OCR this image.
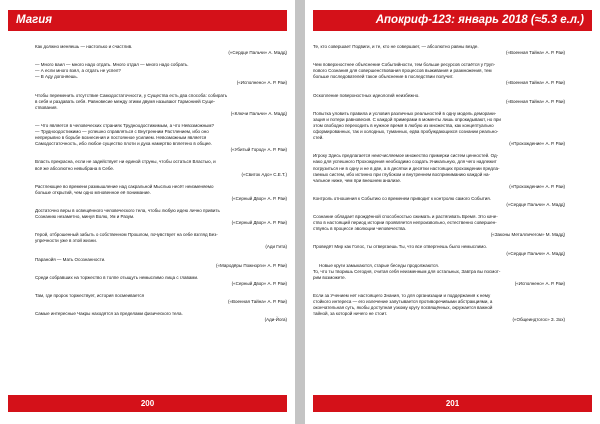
Магия

Как должно меняешь — настолько и счастлив.

(«Сердце Пальчи» А. Мадд)

— Много ваил — много надо отдать. Много отдал — много надо собрать.

— А если много взял, а отдать не успел?

— В Аду догоняешь.

(«Исполнено» А. Р. Раи)

Чтобы переменить отсутствие Самодостаточности, у Существа есть два способа: собирать

в себя и раздавать себя. Равновесие между этими двумя называют Гармонией Суще-

ствования.

(«Ключи Пальчи» А. Мадд)

— Что является в человеческих страниях Трудноодостижимым, а что Невозможным?

— Трудноодостижимо — успешно справляться с Внутренним Растлением, ибо оно

непрерывно в борьбе вознесения и постоянное усилием. Невозможным является

Самодостаточность, ибо любое существо плоти и духа намертво вплетено в общее.

(«Убитый Город» А. Р. Раи)

Власть прекрасна, если не задействует ни единой струны, чтобы остаться Властью, и

всё же абсолютно невыбрана в Себе.

(«Свиток Адо» С.Е.Т.)

Растлеющее во времени размышление над сакральной Мыслью несёт неизменяемо

больше открытий, чем одно мгновенное её понимание.

(«Серный Двор» А. Р. Раи)

Достаточно веры в освещённого человеческого тела, чтобы любую идею лично привить

Сознанию незаметно, минуя Волю, Ум и Разум.

(«Серный Двор» А. Р. Раи)

Герой, отброшенный забыть о собственном Прошлом, почувствует на себе взгляд Без-

упречности уже в этой жизни.

(Ади Гита)

Паранойя — Мать Осознанности.

(«Мародёры Пожнорги» А. Р. Раи)

Среди собравших на торжество в толпе отыщуть немыслимо лица с главами.

(«Серный Двор» А. Р. Раи)

Там, где пророк торжествует, история посмеивается

(«Военная Тайна» А. Р. Раи)

Самые интересные Чакры находятся за пределами физического тела.

(Ади-Йога)

200
Апокриф-123: январь 2018 (≈5.3 е.л.)

Те, кто совершает Подвиги, и те, кто не совершает, — абсолютно равны везде.

(«Военная Тайна» А. Р. Раи)

Чем поверхностнее объяснение Событийности, тем больше ресурсов остаётся у Груп-

пового Сознания для совершенствования процессов выживания и размножения, тем

больше последователей такое объяснение в последствии получит.

(«Военная Тайна» А. Р. Раи)

Оскопление поверхностных идеологий неизбежно.

(«Военная Тайна» А. Р. Раи)

Попытка уловить правила и условия различных реальностей в одну модель деморани-

зация и потери равновесия. С каждой примерами в моменты лишь опрокидывают, но при

этом свободно переходить в нужное время в любую из множества, как концептуально

сформированных, так и холодных, туманных, едва пробуждающихся сознании реально-

стей.

(«Прохождение» А. Р. Раи)

Игроку Здесь предлагается неисчисляемое множество примерки систем ценностей. Од-

нако для успешного Прохождения необходимо создать Уникальную, для чего надлежит

погрузиться не в одну и не в две, а в десятки и десятки настоящих прохождении предла-

гаемых систем, ибо истинно при глубоком и внутреннем восприниманию каждой на-

чальное ниже, чем при внешнем анализе.

(«Прохождение» А. Р. Раи)

Контроль отношения к Событию со временем приводит к контролю самого События.

(«Сердце Пальчи» А. Мадд)

Сознание обладает врождённой способностью сжимать и растягивать Время. Это каче-

ство в настоящий период истории проявляется непроизвольно, естественно совершен-

ствуясь в процессе эволюции человечества.

(«Законы Металличегом» М. Мадд)

Проведёт Мир как Голос, ты отвергаешь Ты, что все отвергнешь было немыслимо.

(«Сердце Пальчи» А. Мадд)

Новые круги замыкаются, старые беседы продолжаются.

То, что ты творишь Сегодня, считая себя неизменным для остальных, Завтра вы посмот-

рим возможете.

(«Исполнено» А. Р. Раи)

Если за Учением нет настоящего Знания, то для организации и поддержания к нему

стойкого интереса — его излечение запутывается противоречивыми абстракциями, а

окончательная суть, якобы доступная узкому кругу посвящённых, окружается важной

тайной, за которой ничего не стоит.

(«Общеиндтогос» З. Зох)

201
